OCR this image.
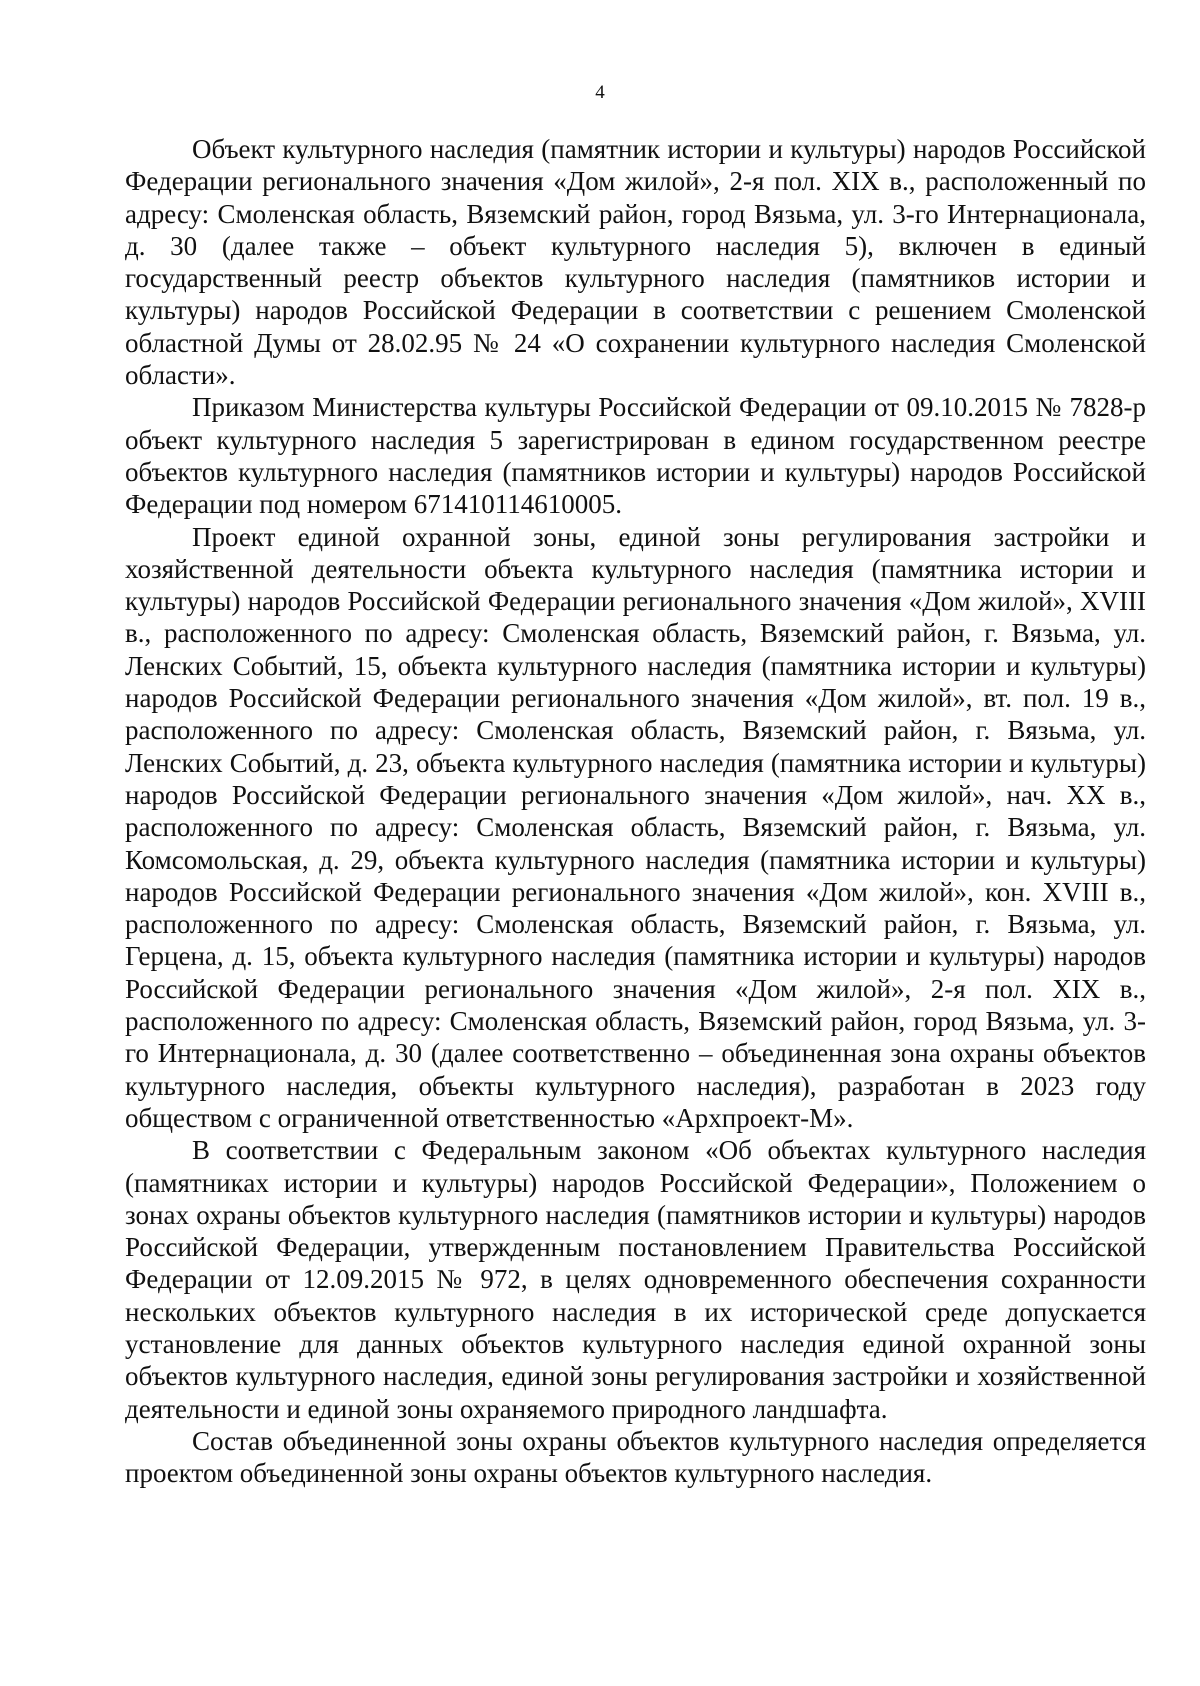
4

Объект культурного наследия (памятник истории и культуры) народов Российской Федерации регионального значения «Дом жилой», 2-я пол. XIX в., расположенный по адресу: Смоленская область, Вяземский район, город Вязьма, ул. 3-го Интернационала, д. 30 (далее также – объект культурного наследия 5), включен в единый государственный реестр объектов культурного наследия (памятников истории и культуры) народов Российской Федерации в соответствии с решением Смоленской областной Думы от 28.02.95 № 24 «О сохранении культурного наследия Смоленской области».

Приказом Министерства культуры Российской Федерации от 09.10.2015 № 7828-р объект культурного наследия 5 зарегистрирован в едином государственном реестре объектов культурного наследия (памятников истории и культуры) народов Российской Федерации под номером 671410114610005.

Проект единой охранной зоны, единой зоны регулирования застройки и хозяйственной деятельности объекта культурного наследия (памятника истории и культуры) народов Российской Федерации регионального значения «Дом жилой», XVIII в., расположенного по адресу: Смоленская область, Вяземский район, г. Вязьма, ул. Ленских Событий, 15, объекта культурного наследия (памятника истории и культуры) народов Российской Федерации регионального значения «Дом жилой», вт. пол. 19 в., расположенного по адресу: Смоленская область, Вяземский район, г. Вязьма, ул. Ленских Событий, д. 23, объекта культурного наследия (памятника истории и культуры) народов Российской Федерации регионального значения «Дом жилой», нач. XX в., расположенного по адресу: Смоленская область, Вяземский район, г. Вязьма, ул. Комсомольская, д. 29, объекта культурного наследия (памятника истории и культуры) народов Российской Федерации регионального значения «Дом жилой», кон. XVIII в., расположенного по адресу: Смоленская область, Вяземский район, г. Вязьма, ул. Герцена, д. 15, объекта культурного наследия (памятника истории и культуры) народов Российской Федерации регионального значения «Дом жилой», 2-я пол. XIX в., расположенного по адресу: Смоленская область, Вяземский район, город Вязьма, ул. 3-го Интернационала, д. 30 (далее соответственно – объединенная зона охраны объектов культурного наследия, объекты культурного наследия), разработан в 2023 году обществом с ограниченной ответственностью «Архпроект-М».

В соответствии с Федеральным законом «Об объектах культурного наследия (памятниках истории и культуры) народов Российской Федерации», Положением о зонах охраны объектов культурного наследия (памятников истории и культуры) народов Российской Федерации, утвержденным постановлением Правительства Российской Федерации от 12.09.2015 № 972, в целях одновременного обеспечения сохранности нескольких объектов культурного наследия в их исторической среде допускается установление для данных объектов культурного наследия единой охранной зоны объектов культурного наследия, единой зоны регулирования застройки и хозяйственной деятельности и единой зоны охраняемого природного ландшафта.

Состав объединенной зоны охраны объектов культурного наследия определяется проектом объединенной зоны охраны объектов культурного наследия.
